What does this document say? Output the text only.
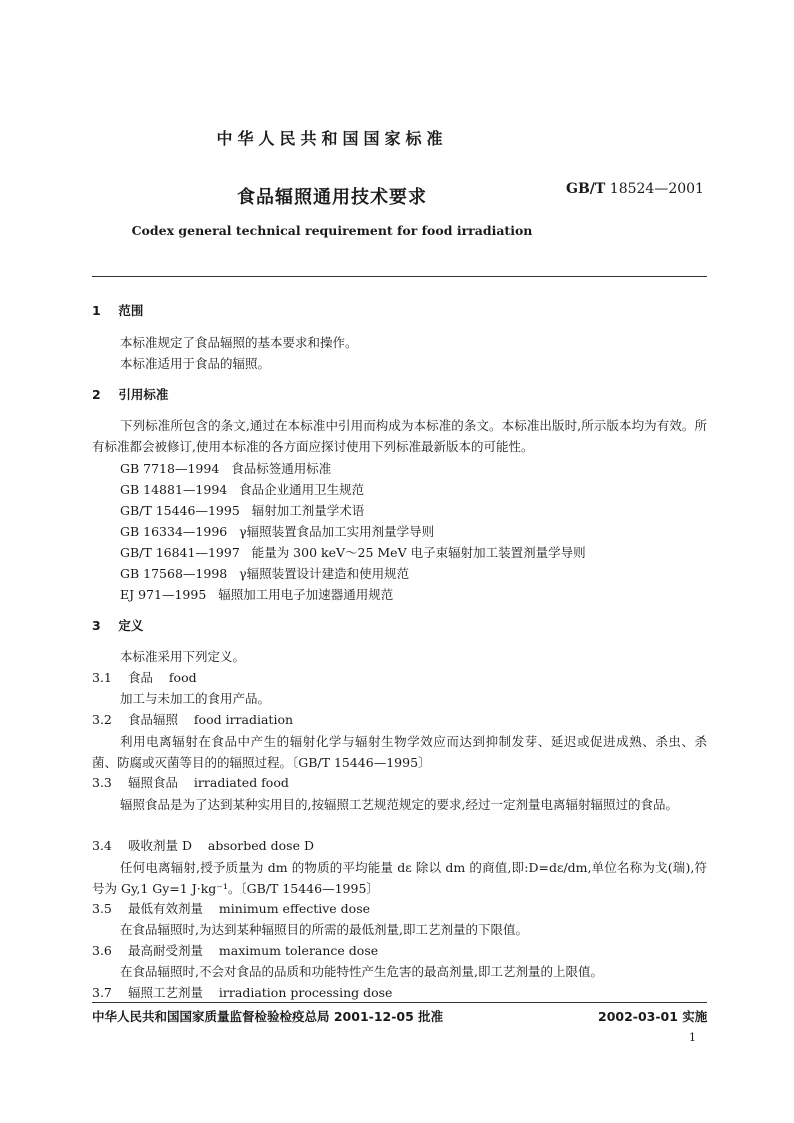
中华人民共和国国家标准
食品辐照通用技术要求	GB/T 18524—2001
Codex general technical requirement for food irradiation
1 范围
本标准规定了食品辐照的基本要求和操作。
本标准适用于食品的辐照。
2 引用标准
下列标准所包含的条文,通过在本标准中引用而构成为本标准的条文。本标准出版时,所示版本均为有效。所有标准都会被修订,使用本标准的各方面应探讨使用下列标准最新版本的可能性。
GB 7718—1994 食品标签通用标准
GB 14881—1994 食品企业通用卫生规范
GB/T 15446—1995 辐射加工剂量学术语
GB 16334—1996 γ辐照装置食品加工实用剂量学导则
GB/T 16841—1997 能量为 300 keV～25 MeV 电子束辐射加工装置剂量学导则
GB 17568—1998 γ辐照装置设计建造和使用规范
EJ 971—1995 辐照加工用电子加速器通用规范
3 定义
本标准采用下列定义。
3.1 食品 food
加工与未加工的食用产品。
3.2 食品辐照 food irradiation
利用电离辐射在食品中产生的辐射化学与辐射生物学效应而达到抑制发芽、延迟或促进成熟、杀虫、杀菌、防腐或灭菌等目的的辐照过程。〔GB/T 15446—1995〕
3.3 辐照食品 irradiated food
辐照食品是为了达到某种实用目的,按辐照工艺规范规定的要求,经过一定剂量电离辐射辐照过的食品。
3.4 吸收剂量 D absorbed dose D
任何电离辐射,授予质量为 dm 的物质的平均能量 dε 除以 dm 的商值,即:D=dε/dm,单位名称为戈(瑞),符号为 Gy,1 Gy=1 J·kg⁻¹。〔GB/T 15446—1995〕
3.5 最低有效剂量 minimum effective dose
在食品辐照时,为达到某种辐照目的所需的最低剂量,即工艺剂量的下限值。
3.6 最高耐受剂量 maximum tolerance dose
在食品辐照时,不会对食品的品质和功能特性产生危害的最高剂量,即工艺剂量的上限值。
3.7 辐照工艺剂量 irradiation processing dose
中华人民共和国国家质量监督检验检疫总局 2001-12-05 批准	2002-03-01 实施
1
